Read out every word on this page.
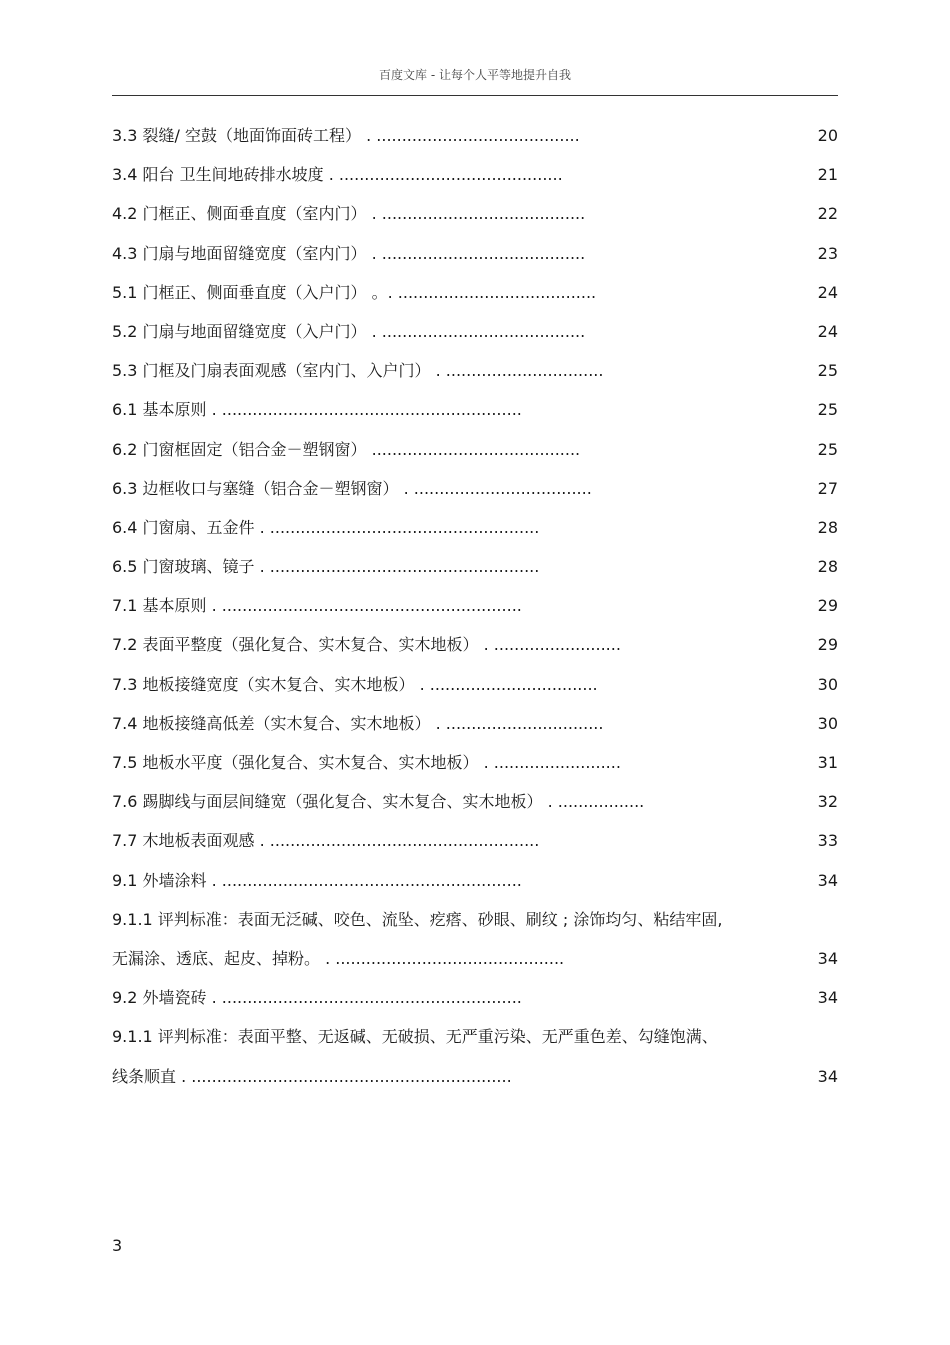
百度文库 - 让每个人平等地提升自我
3.3 裂缝/ 空鼓（地面饰面砖工程） . ........................................	20
3.4 阳台 卫生间地砖排水坡度 . ............................................	21
4.2 门框正、侧面垂直度（室内门） . ........................................	22
4.3 门扇与地面留缝宽度（室内门） . ........................................	23
5.1 门框正、侧面垂直度（入户门） 。. .......................................	24
5.2 门扇与地面留缝宽度（入户门） . ........................................	24
5.3 门框及门扇表面观感（室内门、入户门） . ...............................	25
6.1 基本原则 . ...........................................................	25
6.2 门窗框固定（铝合金－塑钢窗） .........................................	25
6.3 边框收口与塞缝（铝合金－塑钢窗） . ...................................	27
6.4 门窗扇、五金件 . .....................................................	28
6.5 门窗玻璃、镜子 . .....................................................	28
7.1 基本原则 . ...........................................................	29
7.2 表面平整度（强化复合、实木复合、实木地板） . .........................	29
7.3 地板接缝宽度（实木复合、实木地板） . .................................	30
7.4 地板接缝高低差（实木复合、实木地板） . ...............................	30
7.5 地板水平度（强化复合、实木复合、实木地板） . .........................	31
7.6 踢脚线与面层间缝宽（强化复合、实木复合、实木地板） . .................	32
7.7 木地板表面观感 . .....................................................	33
9.1 外墙涂料 . ...........................................................	34
9.1.1 评判标准：表面无泛碱、咬色、流坠、疙瘩、砂眼、刷纹 ; 涂饰均匀、粘结牢固,
无漏涂、透底、起皮、掉粉。 . .............................................	34
9.2 外墙瓷砖 . ...........................................................	34
9.1.1 评判标准：表面平整、无返碱、无破损、无严重污染、无严重色差、勾缝饱满、
线条顺直 . ...............................................................	34
3
